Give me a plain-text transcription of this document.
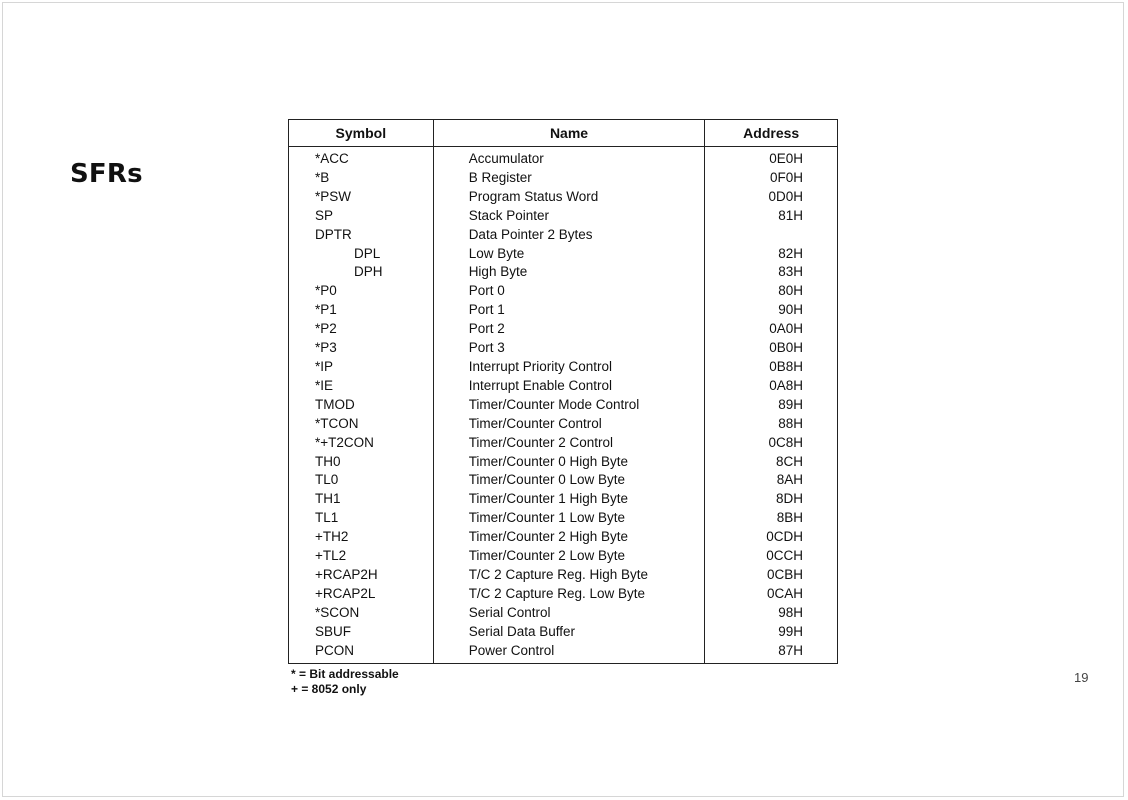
SFRs
19
Symbol	Name	Address
*ACC	Accumulator	0E0H
*B	B Register	0F0H
*PSW	Program Status Word	0D0H
SP	Stack Pointer	81H
DPTR	Data Pointer 2 Bytes	
DPL	Low Byte	82H
DPH	High Byte	83H
*P0	Port 0	80H
*P1	Port 1	90H
*P2	Port 2	0A0H
*P3	Port 3	0B0H
*IP	Interrupt Priority Control	0B8H
*IE	Interrupt Enable Control	0A8H
TMOD	Timer/Counter Mode Control	89H
*TCON	Timer/Counter Control	88H
*+T2CON	Timer/Counter 2 Control	0C8H
TH0	Timer/Counter 0 High Byte	8CH
TL0	Timer/Counter 0 Low Byte	8AH
TH1	Timer/Counter 1 High Byte	8DH
TL1	Timer/Counter 1 Low Byte	8BH
+TH2	Timer/Counter 2 High Byte	0CDH
+TL2	Timer/Counter 2 Low Byte	0CCH
+RCAP2H	T/C 2 Capture Reg. High Byte	0CBH
+RCAP2L	T/C 2 Capture Reg. Low Byte	0CAH
*SCON	Serial Control	98H
SBUF	Serial Data Buffer	99H
PCON	Power Control	87H
* = Bit addressable
+ = 8052 only
